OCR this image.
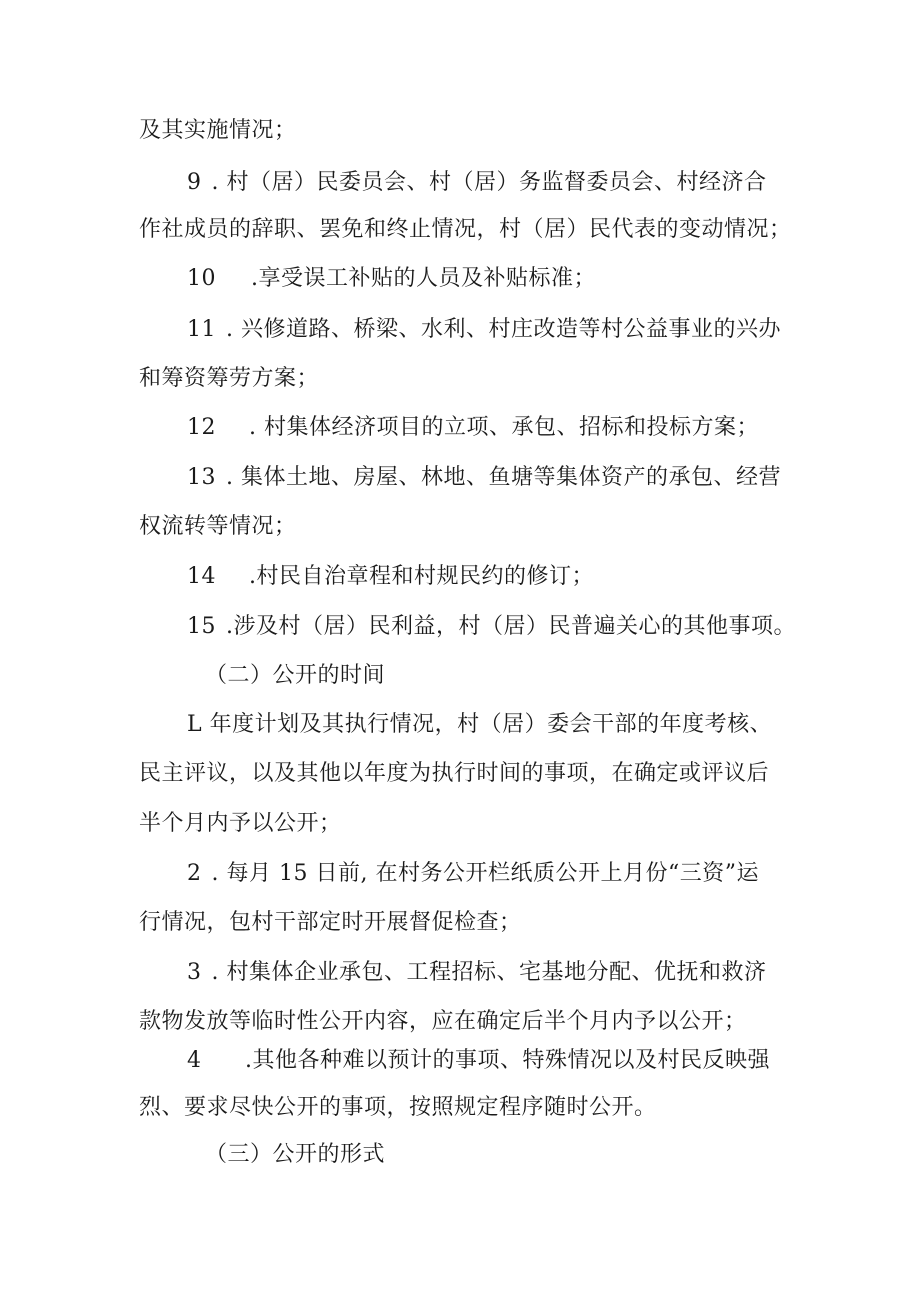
及其实施情况；
9 . 村（居）民委员会、村（居）务监督委员会、村经济合
作社成员的辞职、罢免和终止情况，村（居）民代表的变动情况；
10 .享受误工补贴的人员及补贴标准；
11 . 兴修道路、桥梁、水利、村庄改造等村公益事业的兴办
和筹资筹劳方案；
12 . 村集体经济项目的立项、承包、招标和投标方案；
13 . 集体土地、房屋、林地、鱼塘等集体资产的承包、经营
权流转等情况；
14 .村民自治章程和村规民约的修订；
15 .涉及村（居）民利益，村（居）民普遍关心的其他事项。
（二）公开的时间
L 年度计划及其执行情况，村（居）委会干部的年度考核、
民主评议，以及其他以年度为执行时间的事项，在确定或评议后
半个月内予以公开；
2 . 每月 15 日前, 在村务公开栏纸质公开上月份“三资”运
行情况，包村干部定时开展督促检查；
3 . 村集体企业承包、工程招标、宅基地分配、优抚和救济
款物发放等临时性公开内容，应在确定后半个月内予以公开；
4 .其他各种难以预计的事项、特殊情况以及村民反映强
烈、要求尽快公开的事项，按照规定程序随时公开。
（三）公开的形式
